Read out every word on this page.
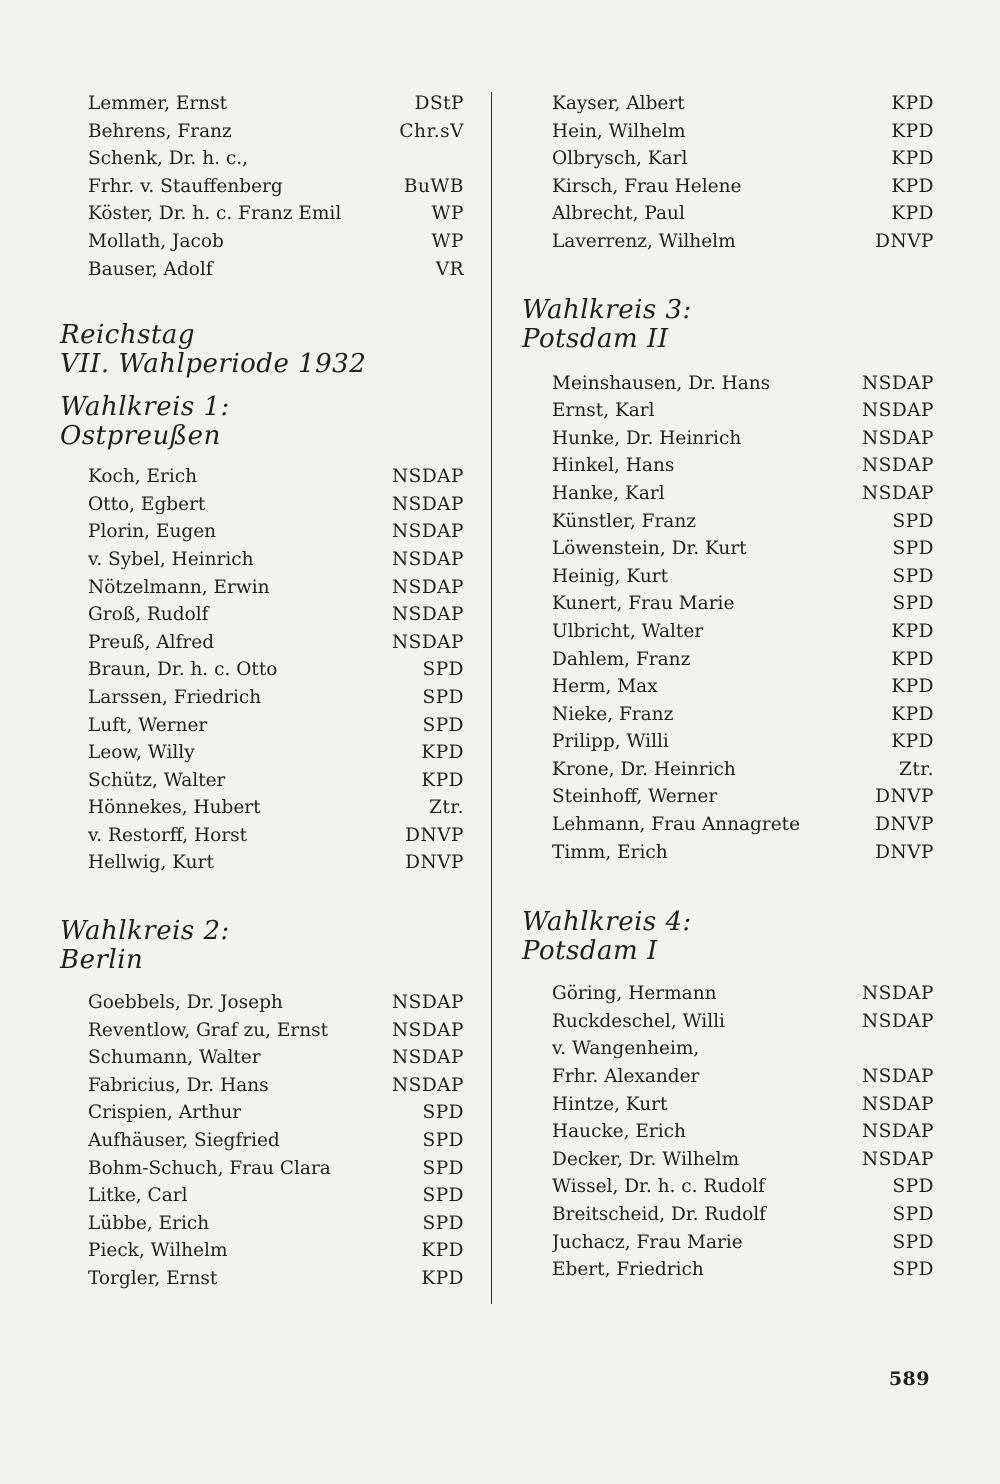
Lemmer, Ernst	DStP
Behrens, Franz	Chr.sV
Schenk, Dr. h. c.,
Frhr. v. Stauffenberg	BuWB
Köster, Dr. h. c. Franz Emil	WP
Mollath, Jacob	WP
Bauser, Adolf	VR
Reichstag
VII. Wahlperiode 1932
Wahlkreis 1:
Ostpreußen
Koch, Erich	NSDAP
Otto, Egbert	NSDAP
Plorin, Eugen	NSDAP
v. Sybel, Heinrich	NSDAP
Nötzelmann, Erwin	NSDAP
Groß, Rudolf	NSDAP
Preuß, Alfred	NSDAP
Braun, Dr. h. c. Otto	SPD
Larssen, Friedrich	SPD
Luft, Werner	SPD
Leow, Willy	KPD
Schütz, Walter	KPD
Hönnekes, Hubert	Ztr.
v. Restorff, Horst	DNVP
Hellwig, Kurt	DNVP
Wahlkreis 2:
Berlin
Goebbels, Dr. Joseph	NSDAP
Reventlow, Graf zu, Ernst	NSDAP
Schumann, Walter	NSDAP
Fabricius, Dr. Hans	NSDAP
Crispien, Arthur	SPD
Aufhäuser, Siegfried	SPD
Bohm-Schuch, Frau Clara	SPD
Litke, Carl	SPD
Lübbe, Erich	SPD
Pieck, Wilhelm	KPD
Torgler, Ernst	KPD
Kayser, Albert	KPD
Hein, Wilhelm	KPD
Olbrysch, Karl	KPD
Kirsch, Frau Helene	KPD
Albrecht, Paul	KPD
Laverrenz, Wilhelm	DNVP
Wahlkreis 3:
Potsdam II
Meinshausen, Dr. Hans	NSDAP
Ernst, Karl	NSDAP
Hunke, Dr. Heinrich	NSDAP
Hinkel, Hans	NSDAP
Hanke, Karl	NSDAP
Künstler, Franz	SPD
Löwenstein, Dr. Kurt	SPD
Heinig, Kurt	SPD
Kunert, Frau Marie	SPD
Ulbricht, Walter	KPD
Dahlem, Franz	KPD
Herm, Max	KPD
Nieke, Franz	KPD
Prilipp, Willi	KPD
Krone, Dr. Heinrich	Ztr.
Steinhoff, Werner	DNVP
Lehmann, Frau Annagrete	DNVP
Timm, Erich	DNVP
Wahlkreis 4:
Potsdam I
Göring, Hermann	NSDAP
Ruckdeschel, Willi	NSDAP
v. Wangenheim,
Frhr. Alexander	NSDAP
Hintze, Kurt	NSDAP
Haucke, Erich	NSDAP
Decker, Dr. Wilhelm	NSDAP
Wissel, Dr. h. c. Rudolf	SPD
Breitscheid, Dr. Rudolf	SPD
Juchacz, Frau Marie	SPD
Ebert, Friedrich	SPD
589
